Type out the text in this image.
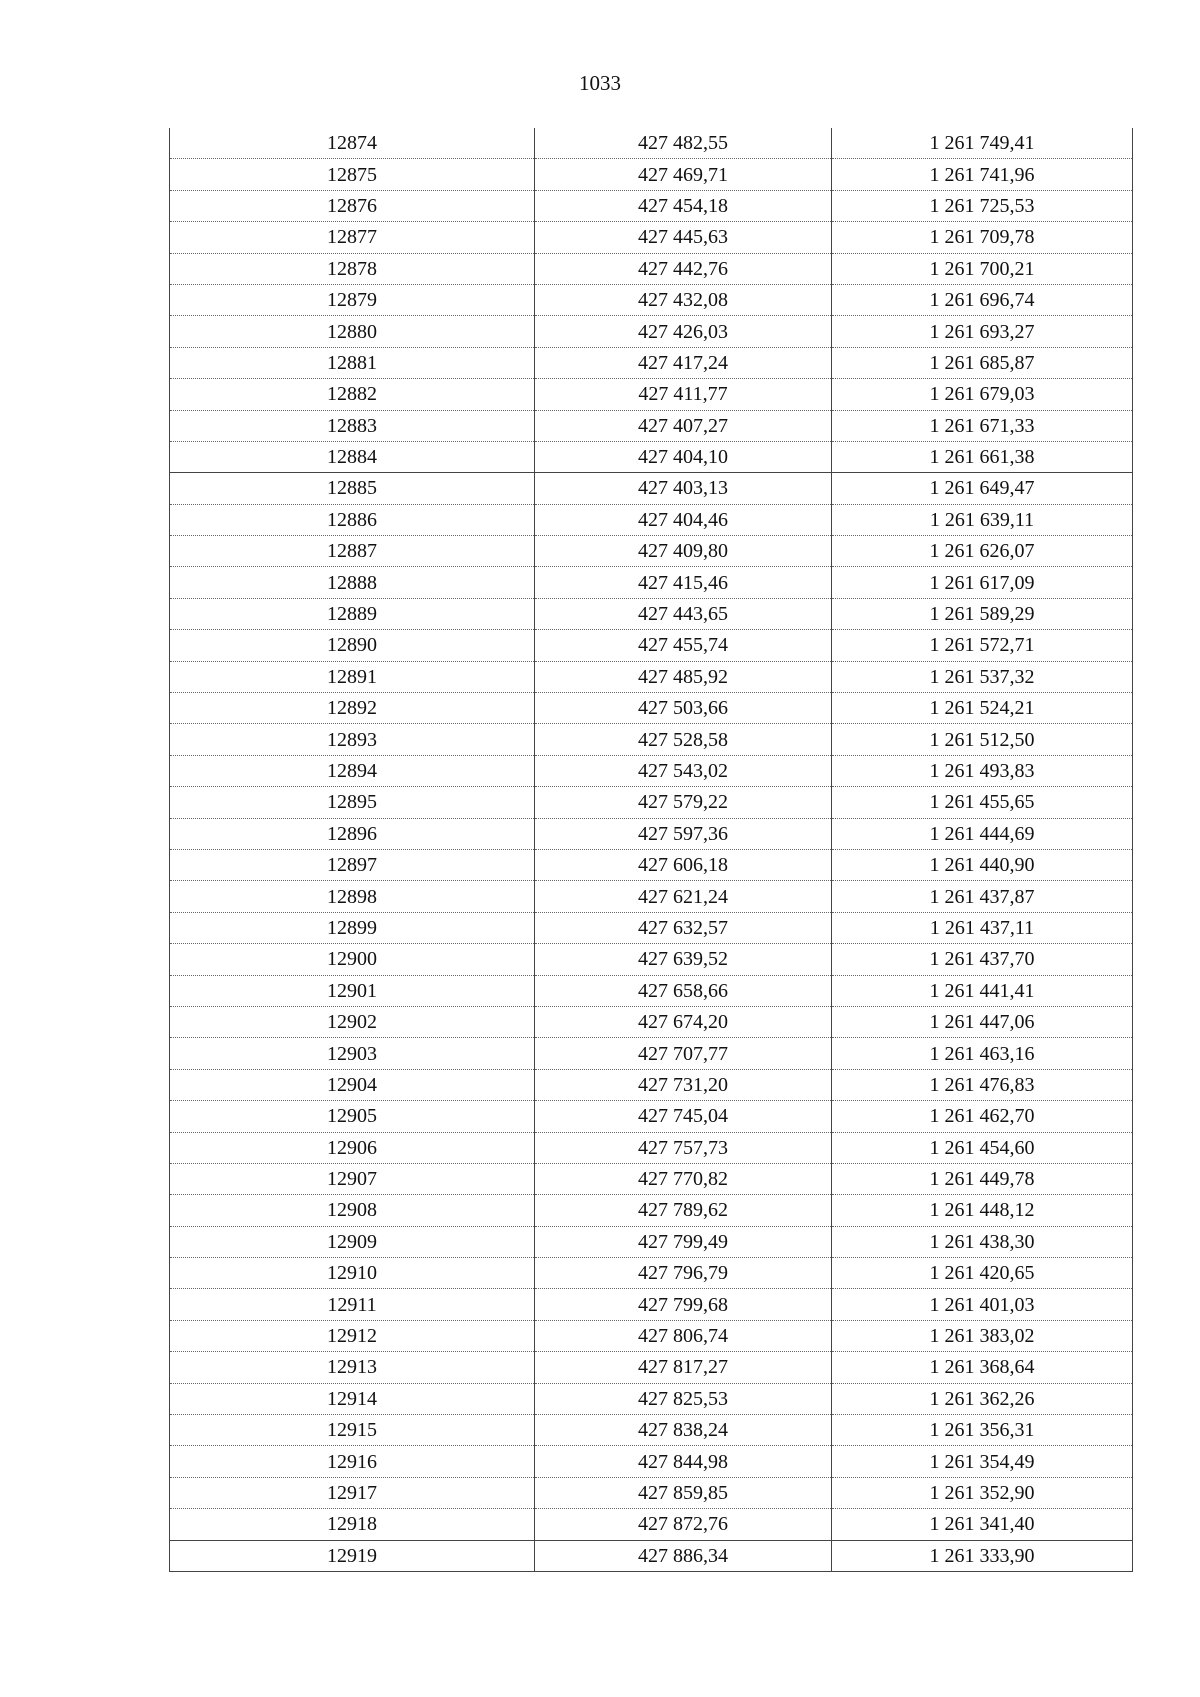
1033
12874	427 482,55	1 261 749,41
12875	427 469,71	1 261 741,96
12876	427 454,18	1 261 725,53
12877	427 445,63	1 261 709,78
12878	427 442,76	1 261 700,21
12879	427 432,08	1 261 696,74
12880	427 426,03	1 261 693,27
12881	427 417,24	1 261 685,87
12882	427 411,77	1 261 679,03
12883	427 407,27	1 261 671,33
12884	427 404,10	1 261 661,38
12885	427 403,13	1 261 649,47
12886	427 404,46	1 261 639,11
12887	427 409,80	1 261 626,07
12888	427 415,46	1 261 617,09
12889	427 443,65	1 261 589,29
12890	427 455,74	1 261 572,71
12891	427 485,92	1 261 537,32
12892	427 503,66	1 261 524,21
12893	427 528,58	1 261 512,50
12894	427 543,02	1 261 493,83
12895	427 579,22	1 261 455,65
12896	427 597,36	1 261 444,69
12897	427 606,18	1 261 440,90
12898	427 621,24	1 261 437,87
12899	427 632,57	1 261 437,11
12900	427 639,52	1 261 437,70
12901	427 658,66	1 261 441,41
12902	427 674,20	1 261 447,06
12903	427 707,77	1 261 463,16
12904	427 731,20	1 261 476,83
12905	427 745,04	1 261 462,70
12906	427 757,73	1 261 454,60
12907	427 770,82	1 261 449,78
12908	427 789,62	1 261 448,12
12909	427 799,49	1 261 438,30
12910	427 796,79	1 261 420,65
12911	427 799,68	1 261 401,03
12912	427 806,74	1 261 383,02
12913	427 817,27	1 261 368,64
12914	427 825,53	1 261 362,26
12915	427 838,24	1 261 356,31
12916	427 844,98	1 261 354,49
12917	427 859,85	1 261 352,90
12918	427 872,76	1 261 341,40
12919	427 886,34	1 261 333,90
